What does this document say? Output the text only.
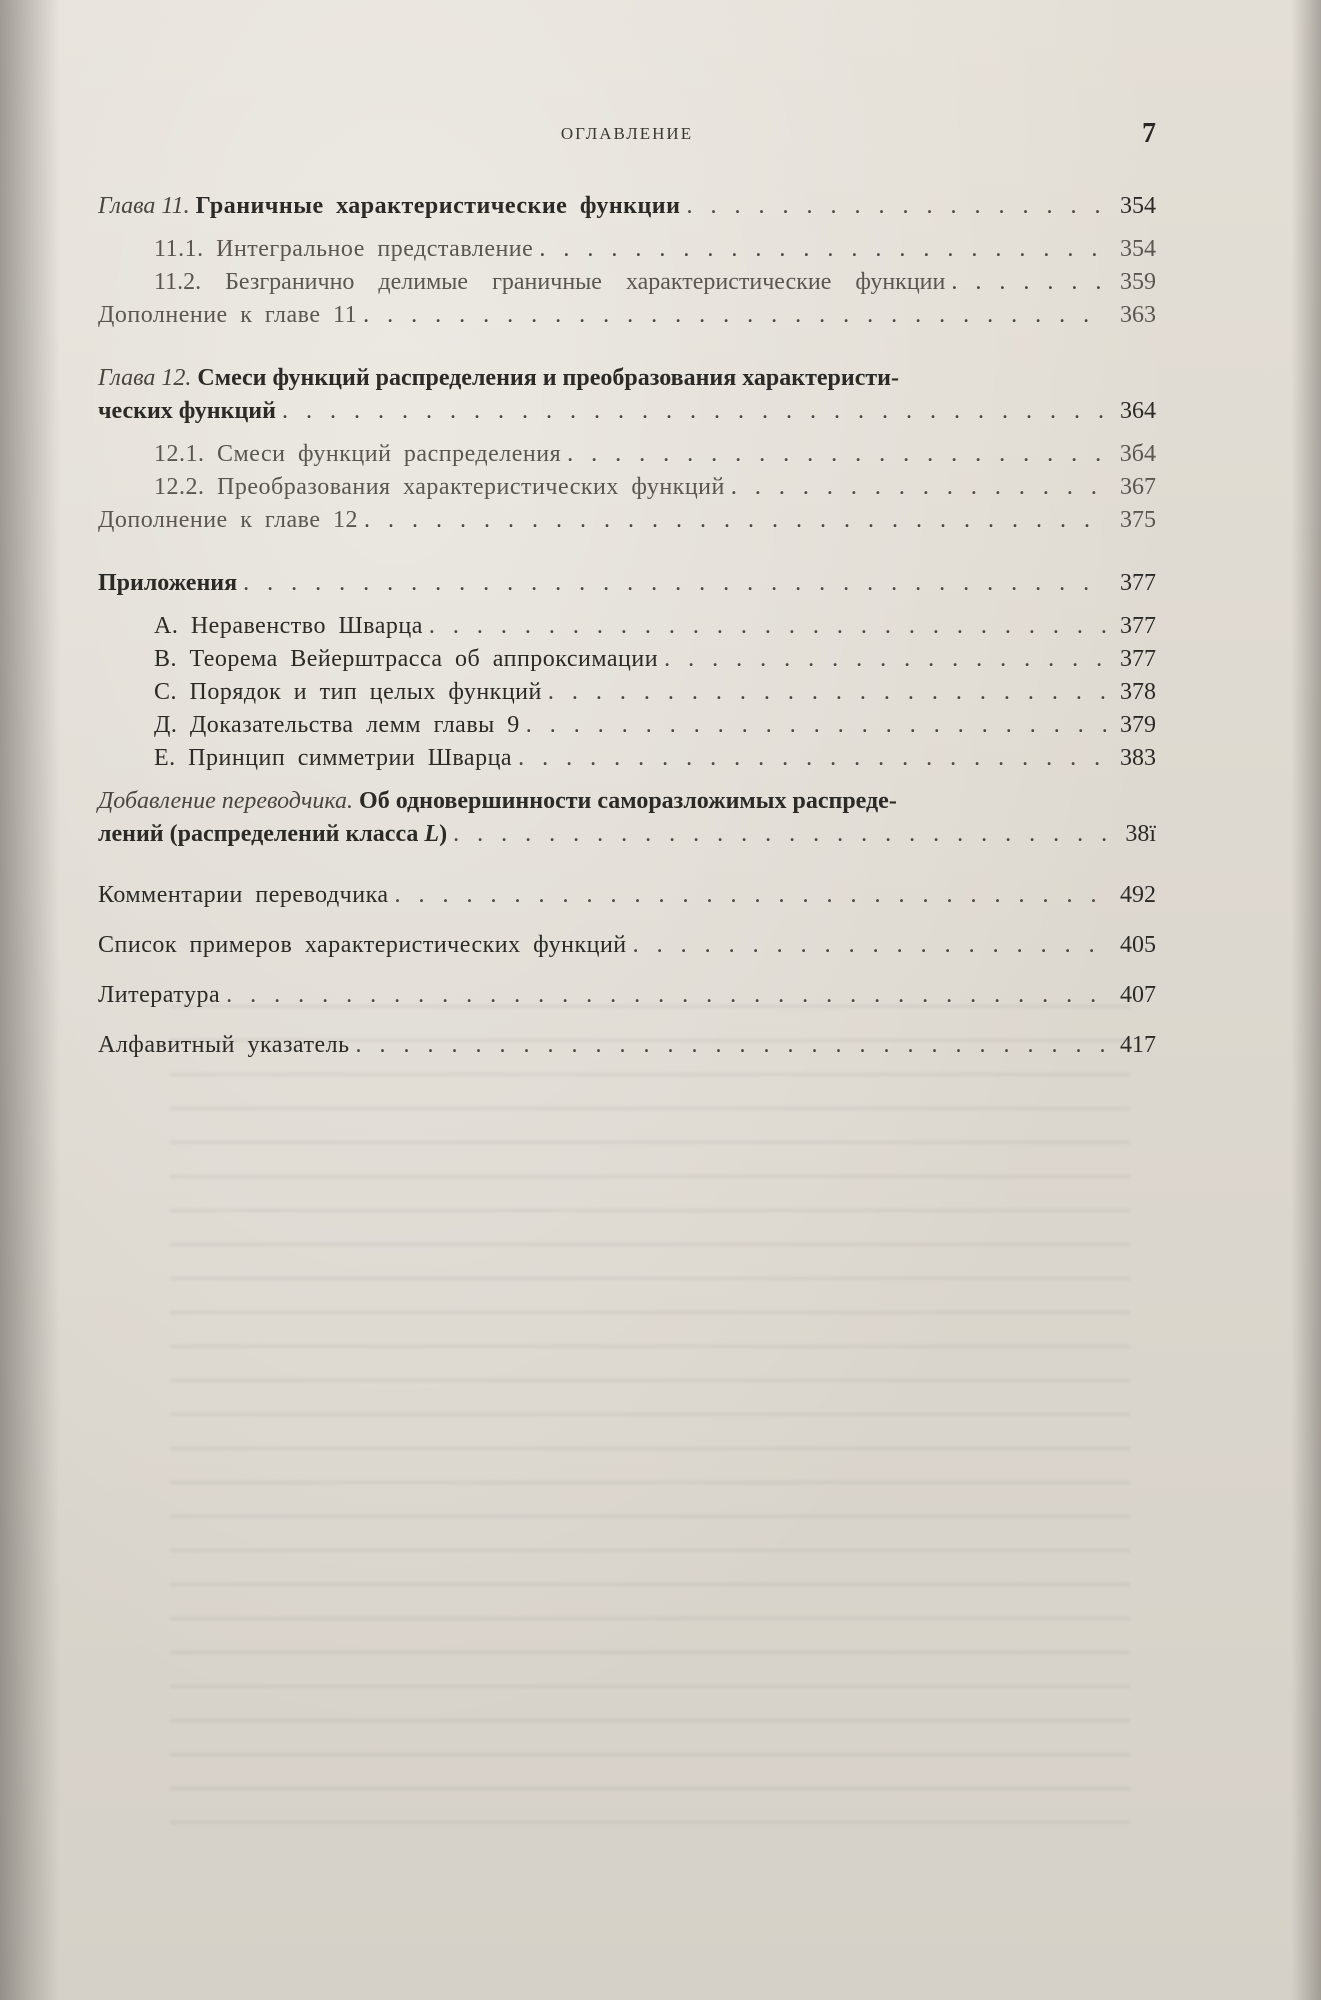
ОГЛАВЛЕНИЕ	7
Глава 11. Граничные характеристические функции . . .	354
11.1. Интегральное представление . . .	354
11.2. Безгранично делимые граничные характеристические функции . . .	359
Дополнение к главе 11 . . .	363
Глава 12. Смеси функций распределения и преобразования характеристи-
ческих функций . . .	364
12.1. Смеси функций распределения . . .	3б4
12.2. Преобразования характеристических функций . . .	367
Дополнение к главе 12 . . .	375
Приложения . . .	377
А. Неравенство Шварца . . .	377
В. Теорема Вейерштрасса об аппроксимации . . .	377
С. Порядок и тип целых функций . . .	378
Д. Доказательства лемм главы 9 . . .	379
Е. Принцип симметрии Шварца . . .	383
Добавление переводчика. Об одновершинности саморазложимых распреде-
лений (распределений класса L) . . .	38ї
Комментарии переводчика . . .	492
Список примеров характеристических функций . . .	405
Литература . . .	407
Алфавитный указатель . . .	417
